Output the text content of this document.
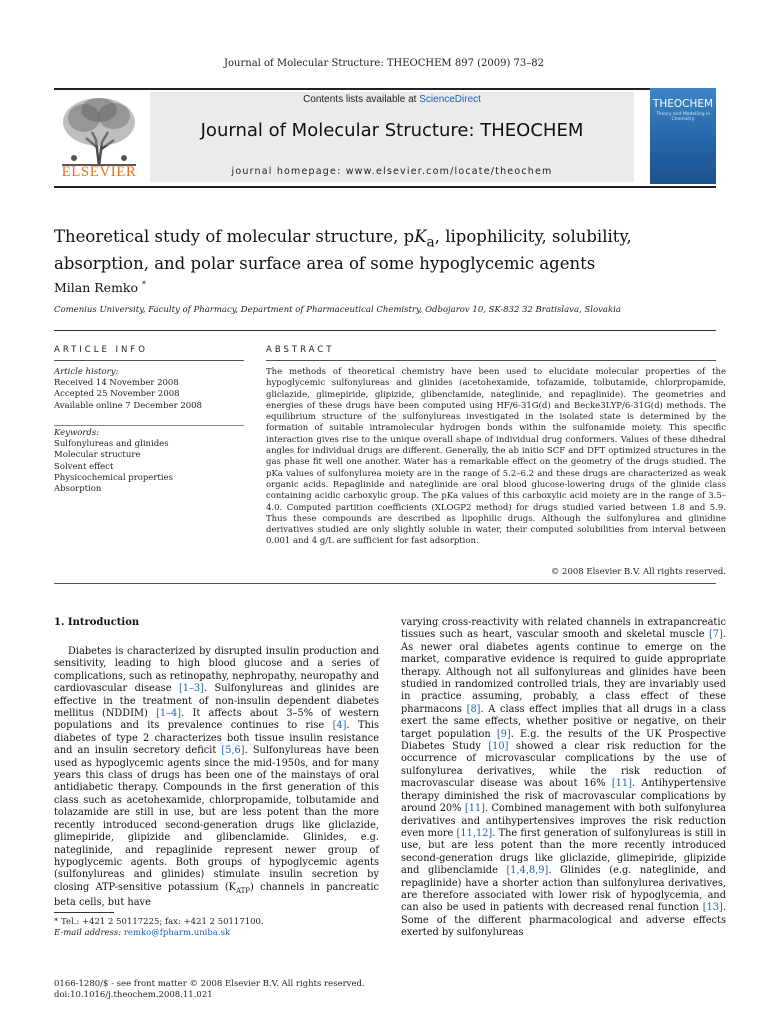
Journal of Molecular Structure: THEOCHEM 897 (2009) 73–82
ELSEVIER
Contents lists available at ScienceDirect
Journal of Molecular Structure: THEOCHEM
journal homepage: www.elsevier.com/locate/theochem
THEOCHEM
Theory and Modelling in Chemistry
Theoretical study of molecular structure, $pK_a$, lipophilicity, solubility,
absorption, and polar surface area of some hypoglycemic agents
Milan Remko *
Comenius University, Faculty of Pharmacy, Department of Pharmaceutical Chemistry, Odbojarov 10, SK-832 32 Bratislava, Slovakia
ARTICLE INFO	ABSTRACT
Article history:
Received 14 November 2008
Accepted 25 November 2008
Available online 7 December 2008
Keywords:
Sulfonylureas and glinides
Molecular structure
Solvent effect
Physicochemical properties
Absorption
The methods of theoretical chemistry have been used to elucidate molecular properties of the hypoglycemic sulfonylureas and glinides (acetohexamide, tofazamide, tolbutamide, chlorpropamide, gliclazide, glimepiride, glipizide, glibenclamide, nateglinide, and repaglinide). The geometries and energies of these drugs have been computed using HF/6-31G(d) and Becke3LYP/6-31G(d) methods. The equilibrium structure of the sulfonylureas investigated in the isolated state is determined by the formation of suitable intramolecular hydrogen bonds within the sulfonamide moiety. This specific interaction gives rise to the unique overall shape of individual drug conformers. Values of these dihedral angles for individual drugs are different. Generally, the ab initio SCF and DFT optimized structures in the gas phase fit well one another. Water has a remarkable effect on the geometry of the drugs studied. The pKa values of sulfonylurea moiety are in the range of 5.2–6.2 and these drugs are characterized as weak organic acids. Repaglinide and nateglinide are oral blood glucose-lowering drugs of the glinide class containing acidic carboxylic group. The pKa values of this carboxylic acid moiety are in the range of 3.5–4.0. Computed partition coefficients (XLOGP2 method) for drugs studied varied between 1.8 and 5.9. Thus these compounds are described as lipophilic drugs. Although the sulfonylurea and glinidine derivatives studied are only slightly soluble in water, their computed solubilities from interval between 0.001 and 4 g/L are sufficient for fast adsorption.
© 2008 Elsevier B.V. All rights reserved.
1. Introduction

Diabetes is characterized by disrupted insulin production and sensitivity, leading to high blood glucose and a series of complications, such as retinopathy, nephropathy, neuropathy and cardiovascular disease [1–3]. Sulfonylureas and glinides are effective in the treatment of non-insulin dependent diabetes mellitus (NDDIM) [1–4]. It affects about 3–5% of western populations and its prevalence continues to rise [4]. This diabetes of type 2 characterizes both tissue insulin resistance and an insulin secretory deficit [5,6]. Sulfonylureas have been used as hypoglycemic agents since the mid-1950s, and for many years this class of drugs has been one of the mainstays of oral antidiabetic therapy. Compounds in the first generation of this class such as acetohexamide, chlorpropamide, tolbutamide and tolazamide are still in use, but are less potent than the more recently introduced second-generation drugs like gliclazide, glimepiride, glipizide and glibenclamide. Glinides, e.g. nateglinide, and repaglinide represent newer group of hypoglycemic agents. Both groups of hypoglycemic agents (sulfonylureas and glinides) stimulate insulin secretion by closing ATP-sensitive potassium $(K_{ATP})$ channels in pancreatic beta cells, but have

varying cross-reactivity with related channels in extrapancreatic tissues such as heart, vascular smooth and skeletal muscle [7]. As newer oral diabetes agents continue to emerge on the market, comparative evidence is required to guide appropriate therapy. Although not all sulfonylureas and glinides have been studied in randomized controlled trials, they are invariably used in practice assuming, probably, a class effect of these pharmacons [8]. A class effect implies that all drugs in a class exert the same effects, whether positive or negative, on their target population [9]. E.g. the results of the UK Prospective Diabetes Study [10] showed a clear risk reduction for the occurrence of microvascular complications by the use of sulfonylurea derivatives, while the risk reduction of macrovascular disease was about 16% [11]. Antihypertensive therapy diminished the risk of macrovascular complications by around 20% [11]. Combined management with both sulfonylurea derivatives and antihypertensives improves the risk reduction even more [11,12]. The first generation of sulfonylureas is still in use, but are less potent than the more recently introduced second-generation drugs like gliclazide, glimepiride, glipizide and glibenclamide [1,4,8,9]. Glinides (e.g. nateglinide, and repaglinide) have a shorter action than sulfonylurea derivatives, are therefore associated with lower risk of hypoglycemia, and can also be used in patients with decreased renal function [13]. Some of the different pharmacological and adverse effects exerted by sulfonylureas

* Tel.: +421 2 50117225; fax: +421 2 50117100.
E-mail address: remko@fpharm.uniba.sk
0166-1280/$ - see front matter © 2008 Elsevier B.V. All rights reserved.
doi:10.1016/j.theochem.2008.11.021
